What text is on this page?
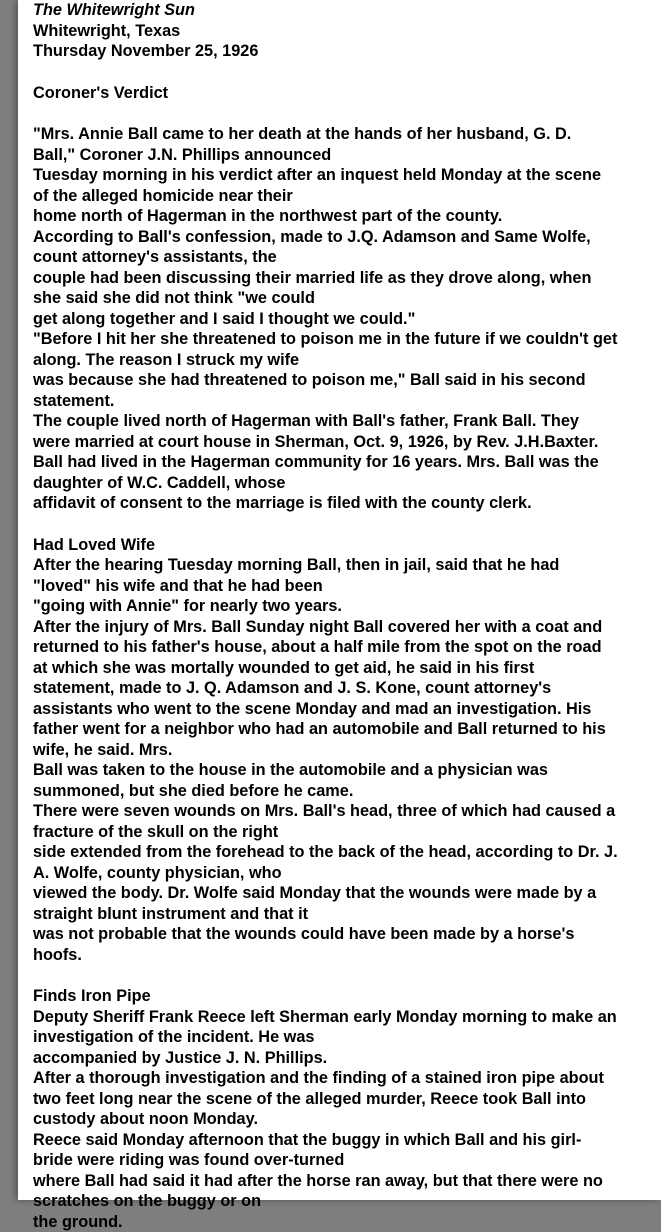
The Whitewright Sun
Whitewright, Texas
Thursday November 25, 1926
Coroner's Verdict
"Mrs. Annie Ball came to her death at the hands of her husband, G. D.
Ball," Coroner J.N. Phillips announced
Tuesday morning in his verdict after an inquest held Monday at the scene
of the alleged homicide near their
home north of Hagerman in the northwest part of the county.
According to Ball's confession, made to J.Q. Adamson and Same Wolfe,
count attorney's assistants, the
couple had been discussing their married life as they drove along, when
she said she did not think "we could
get along together and I said I thought we could."
"Before I hit her she threatened to poison me in the future if we couldn't get
along. The reason I struck my wife
was because she had threatened to poison me," Ball said in his second
statement.
The couple lived north of Hagerman with Ball's father, Frank Ball. They
were married at court house in Sherman, Oct. 9, 1926, by Rev. J.H.Baxter.
Ball had lived in the Hagerman community for 16 years. Mrs. Ball was the
daughter of W.C. Caddell, whose
affidavit of consent to the marriage is filed with the county clerk.
Had Loved Wife
After the hearing Tuesday morning Ball, then in jail, said that he had
"loved" his wife and that he had been
"going with Annie" for nearly two years.
After the injury of Mrs. Ball Sunday night Ball covered her with a coat and
returned to his father's house, about a half mile from the spot on the road
at which she was mortally wounded to get aid, he said in his first
statement, made to J. Q. Adamson and J. S. Kone, count attorney's
assistants who went to the scene Monday and mad an investigation. His
father went for a neighbor who had an automobile and Ball returned to his
wife, he said. Mrs.
Ball was taken to the house in the automobile and a physician was
summoned, but she died before he came.
There were seven wounds on Mrs. Ball's head, three of which had caused a
fracture of the skull on the right
side extended from the forehead to the back of the head, according to Dr. J.
A. Wolfe, county physician, who
viewed the body. Dr. Wolfe said Monday that the wounds were made by a
straight blunt instrument and that it
was not probable that the wounds could have been made by a horse's
hoofs.
Finds Iron Pipe
Deputy Sheriff Frank Reece left Sherman early Monday morning to make an
investigation of the incident. He was
accompanied by Justice J. N. Phillips.
After a thorough investigation and the finding of a stained iron pipe about
two feet long near the scene of the alleged murder, Reece took Ball into
custody about noon Monday.
Reece said Monday afternoon that the buggy in which Ball and his girl-
bride were riding was found over-turned
where Ball had said it had after the horse ran away, but that there were no
scratches on the buggy or on
the ground.
